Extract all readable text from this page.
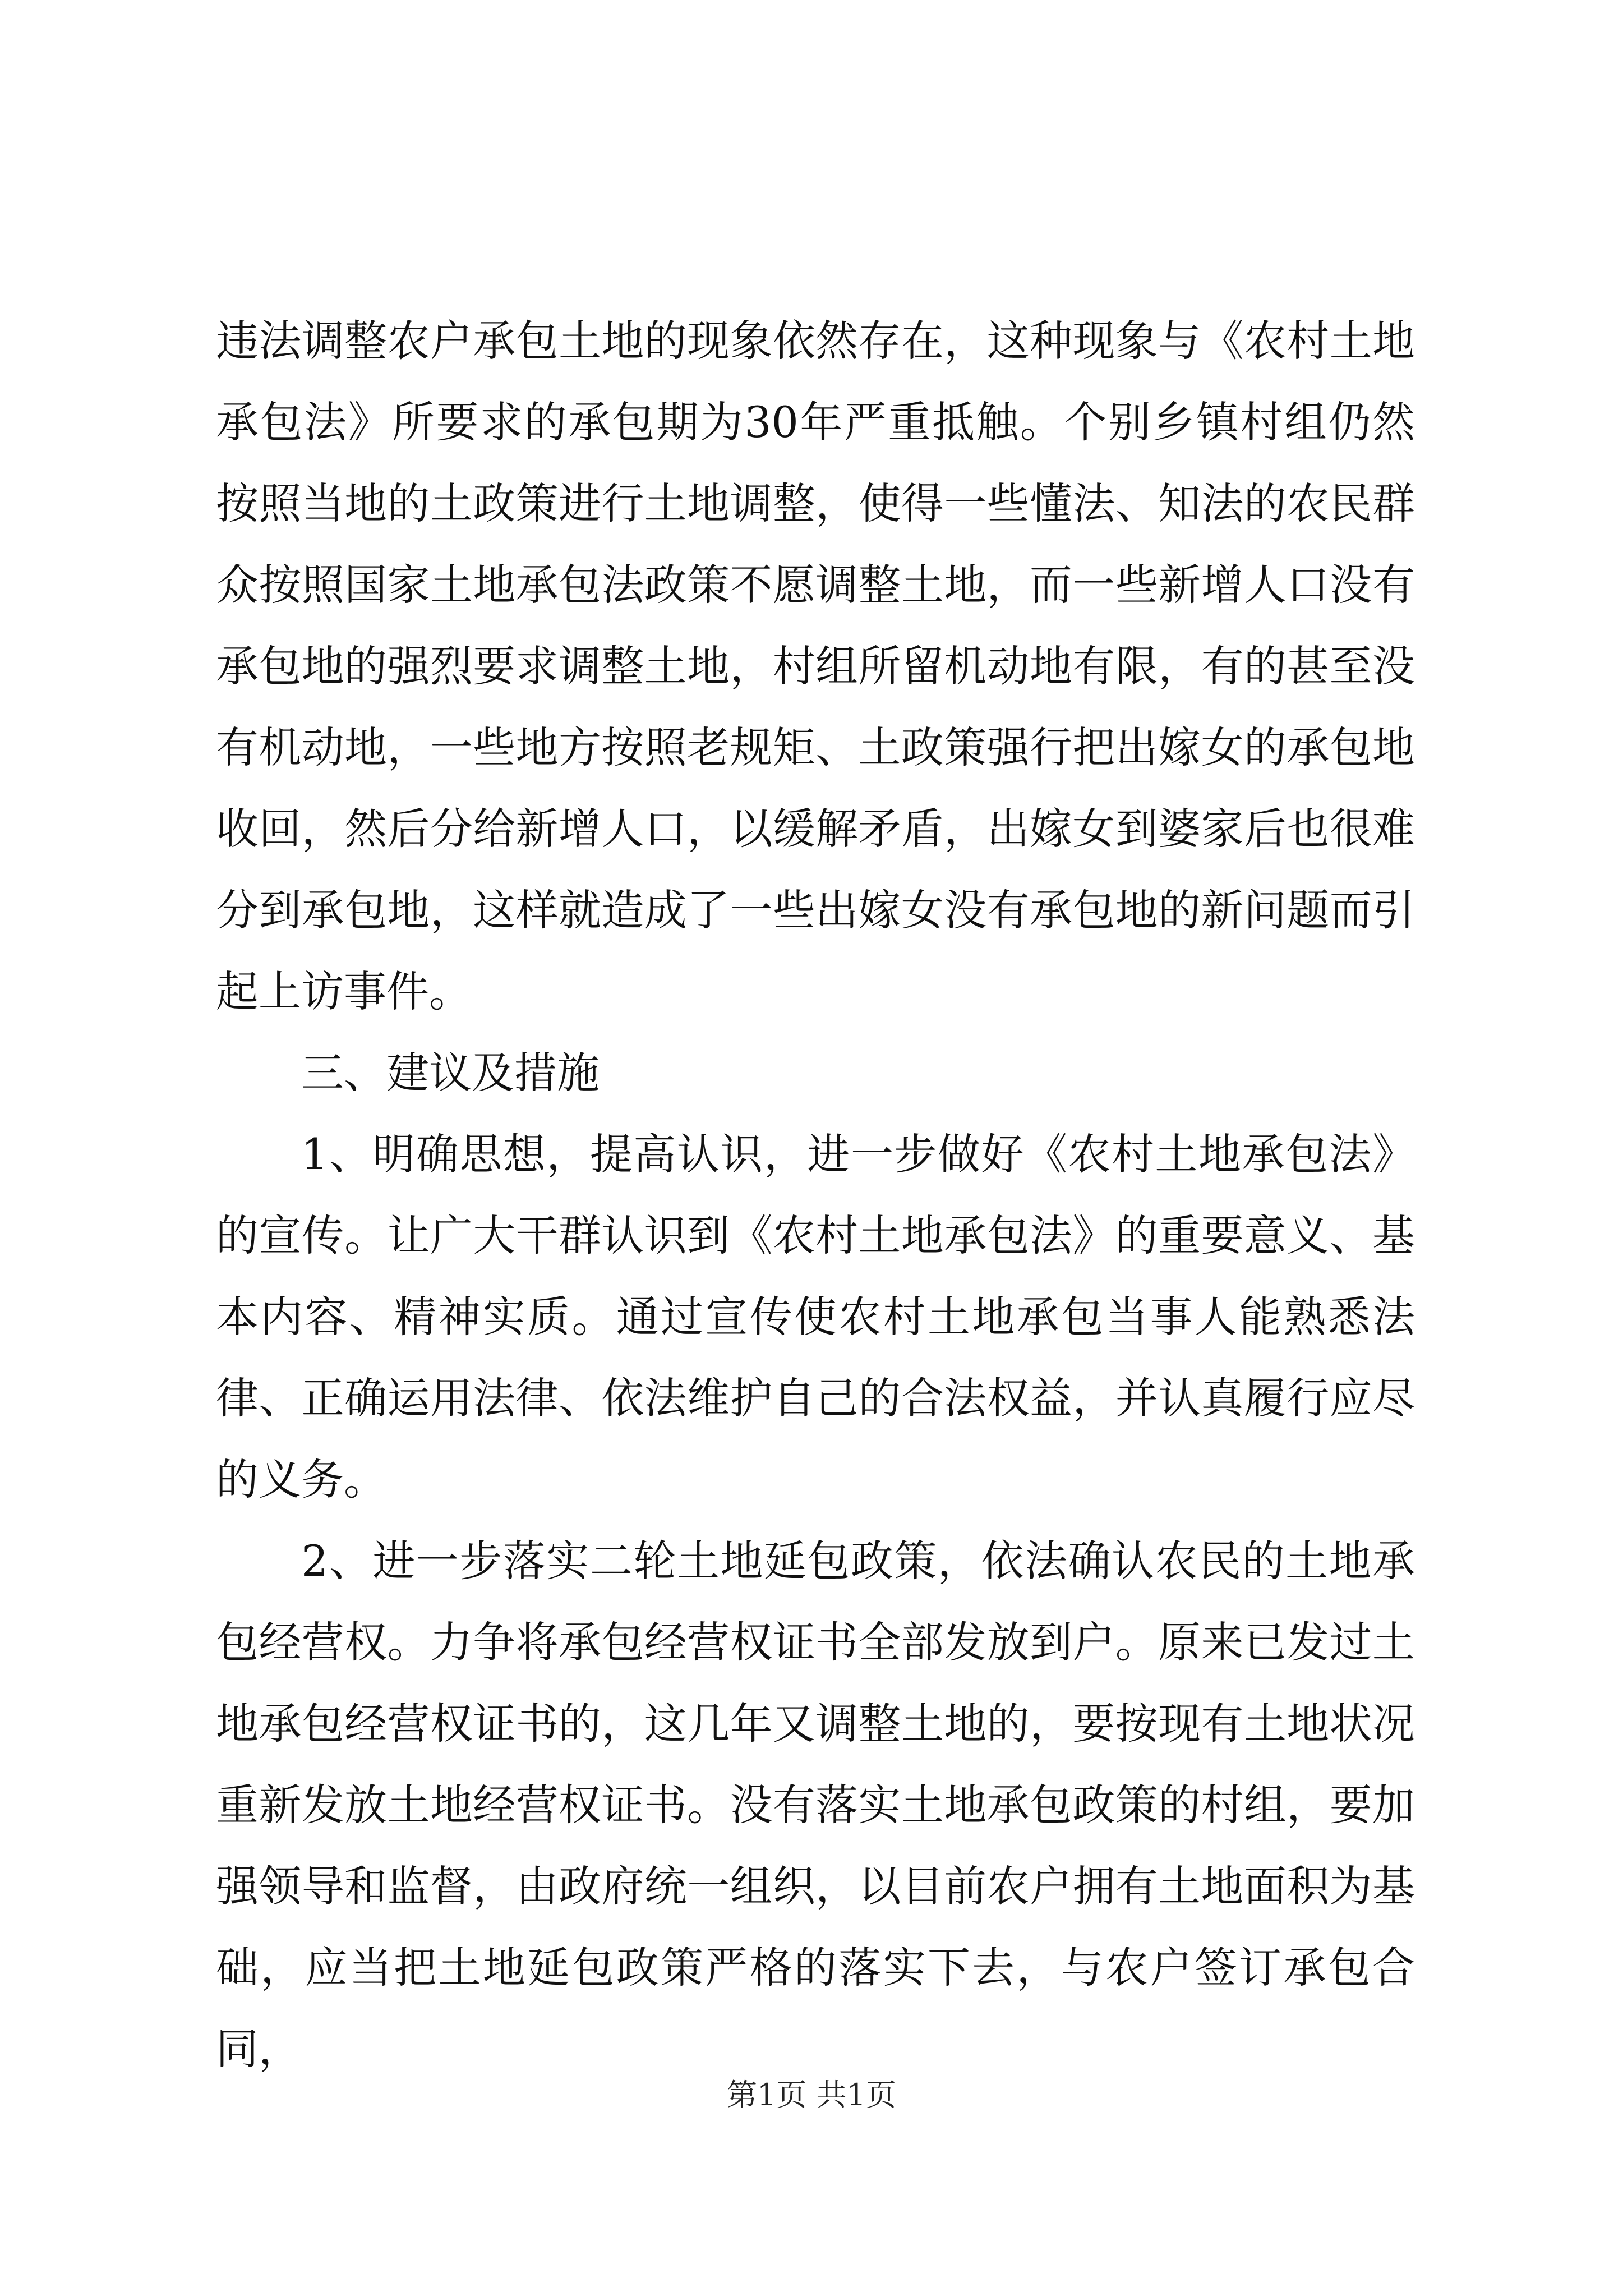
违法调整农户承包土地的现象依然存在，这种现象与《农村土地承包法》所要求的承包期为30年严重抵触。个别乡镇村组仍然按照当地的土政策进行土地调整，使得一些懂法、知法的农民群众按照国家土地承包法政策不愿调整土地，而一些新增人口没有承包地的强烈要求调整土地，村组所留机动地有限，有的甚至没有机动地，一些地方按照老规矩、土政策强行把出嫁女的承包地收回，然后分给新增人口，以缓解矛盾，出嫁女到婆家后也很难分到承包地，这样就造成了一些出嫁女没有承包地的新问题而引起上访事件。

三、建议及措施

1、明确思想，提高认识，进一步做好《农村土地承包法》的宣传。让广大干群认识到《农村土地承包法》的重要意义、基本内容、精神实质。通过宣传使农村土地承包当事人能熟悉法律、正确运用法律、依法维护自己的合法权益，并认真履行应尽的义务。

2、进一步落实二轮土地延包政策，依法确认农民的土地承包经营权。力争将承包经营权证书全部发放到户。原来已发过土地承包经营权证书的，这几年又调整土地的，要按现有土地状况重新发放土地经营权证书。没有落实土地承包政策的村组，要加强领导和监督，由政府统一组织，以目前农户拥有土地面积为基础，应当把土地延包政策严格的落实下去，与农户签订承包合同，

第1页 共1页
